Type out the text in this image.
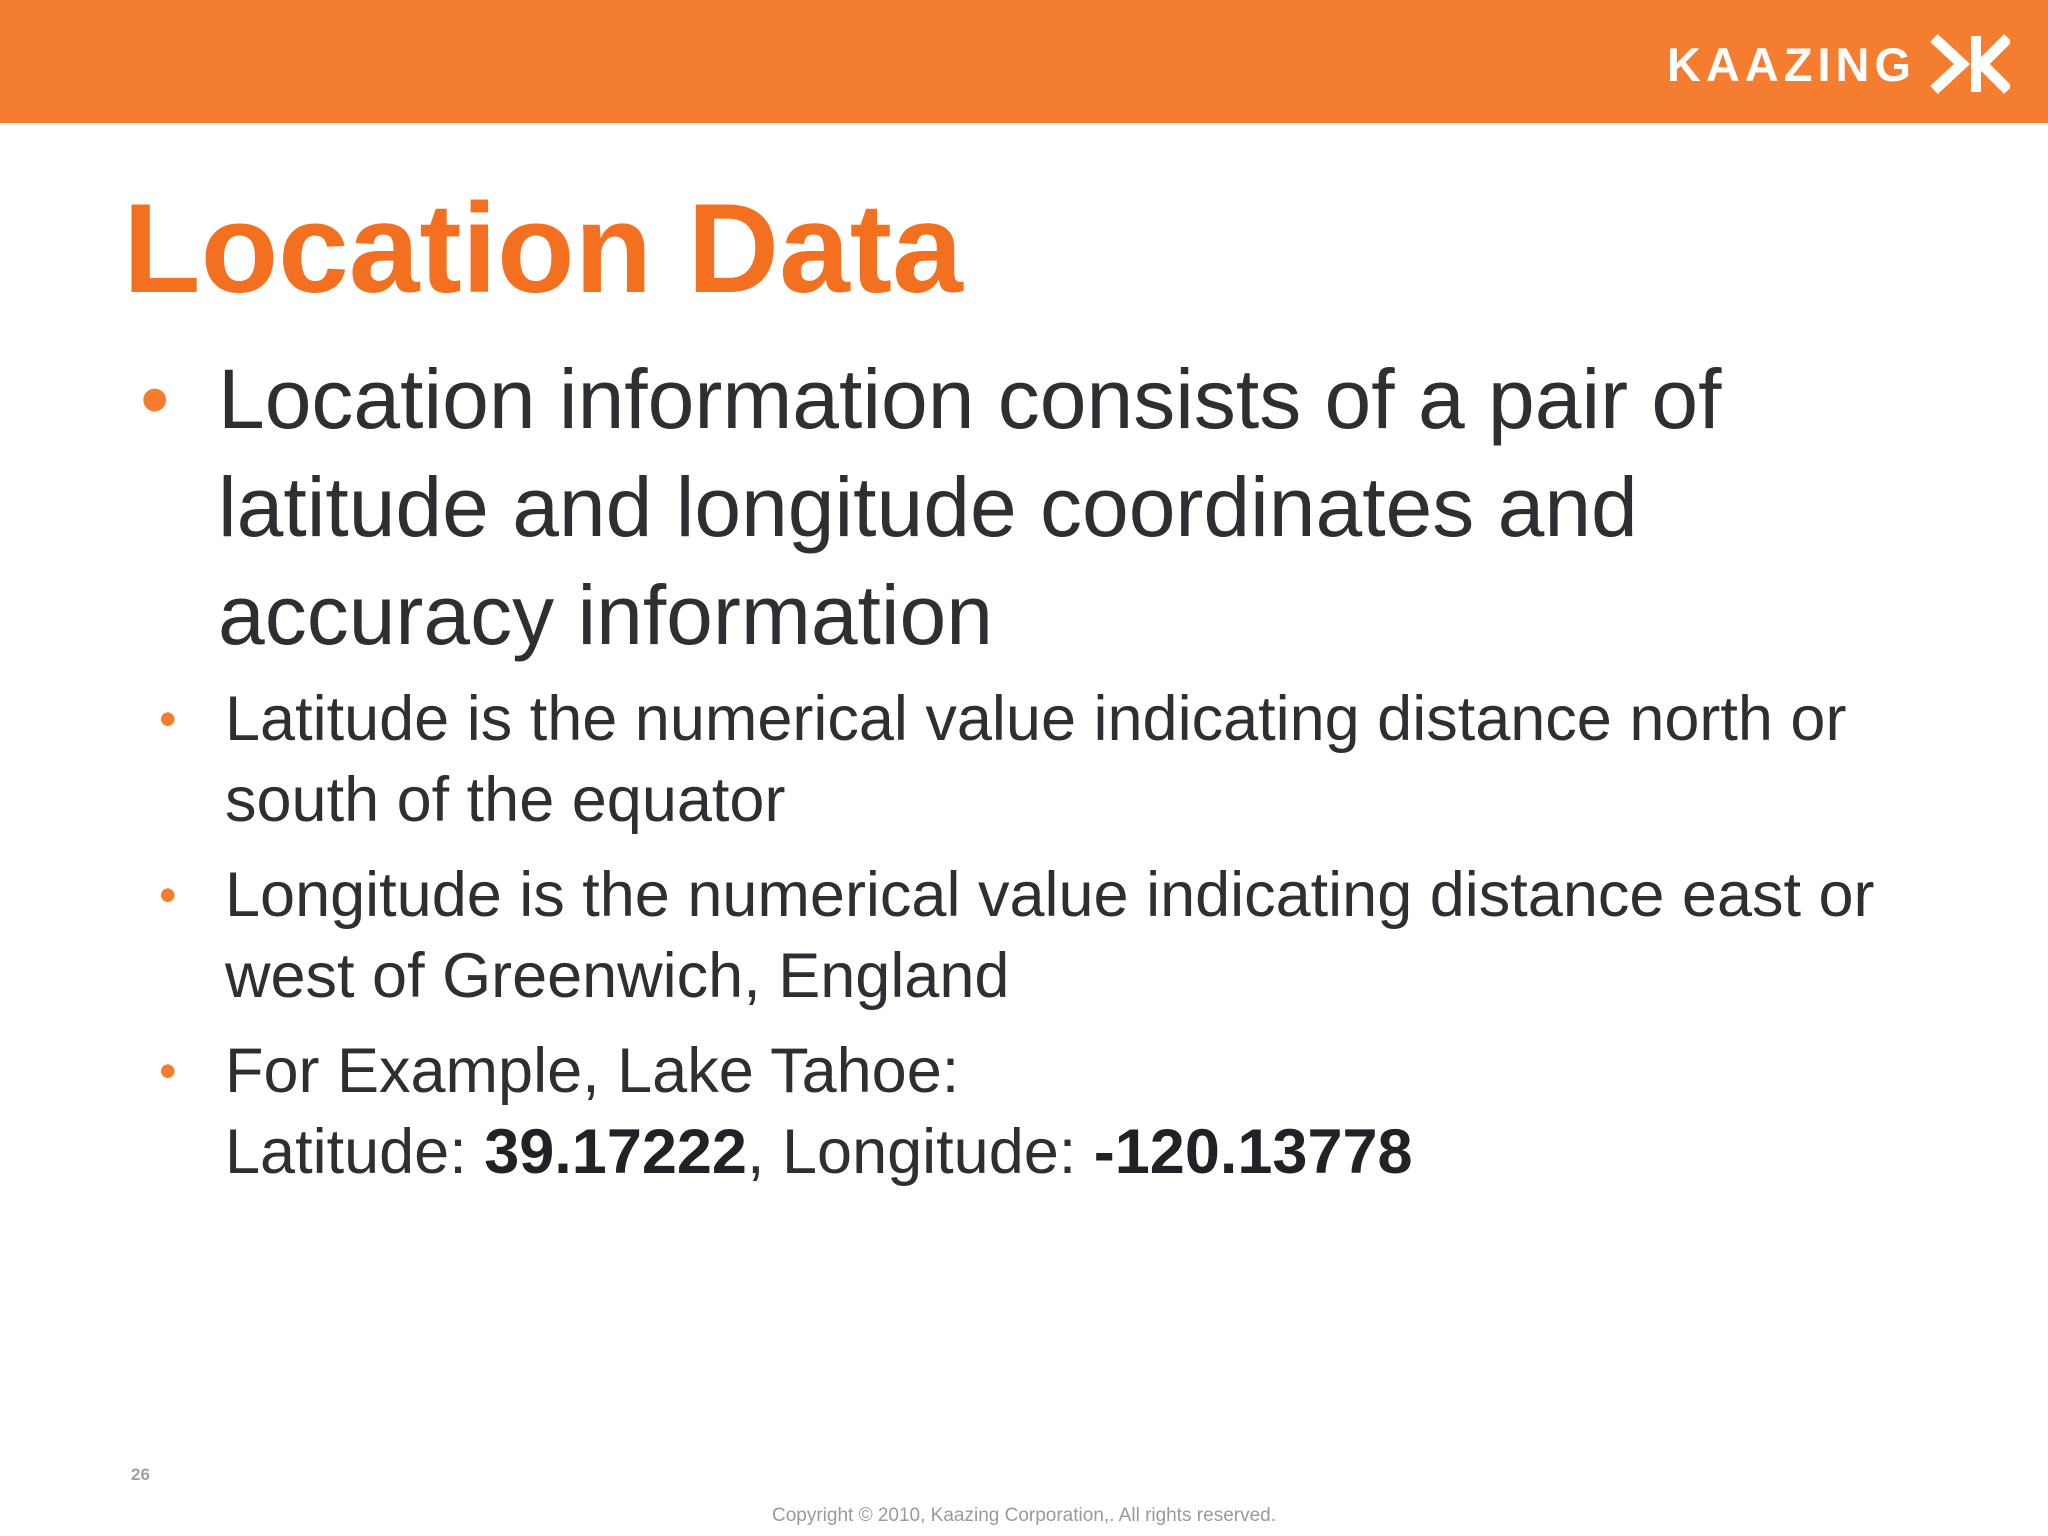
KAAZING
Location Data
• Location information consists of a pair of latitude and longitude coordinates and accuracy information
• Latitude is the numerical value indicating distance north or south of the equator
• Longitude is the numerical value indicating distance east or west of Greenwich, England
• For Example, Lake Tahoe:
Latitude: 39.17222, Longitude: -120.13778
26
Copyright © 2010, Kaazing Corporation,. All rights reserved.
